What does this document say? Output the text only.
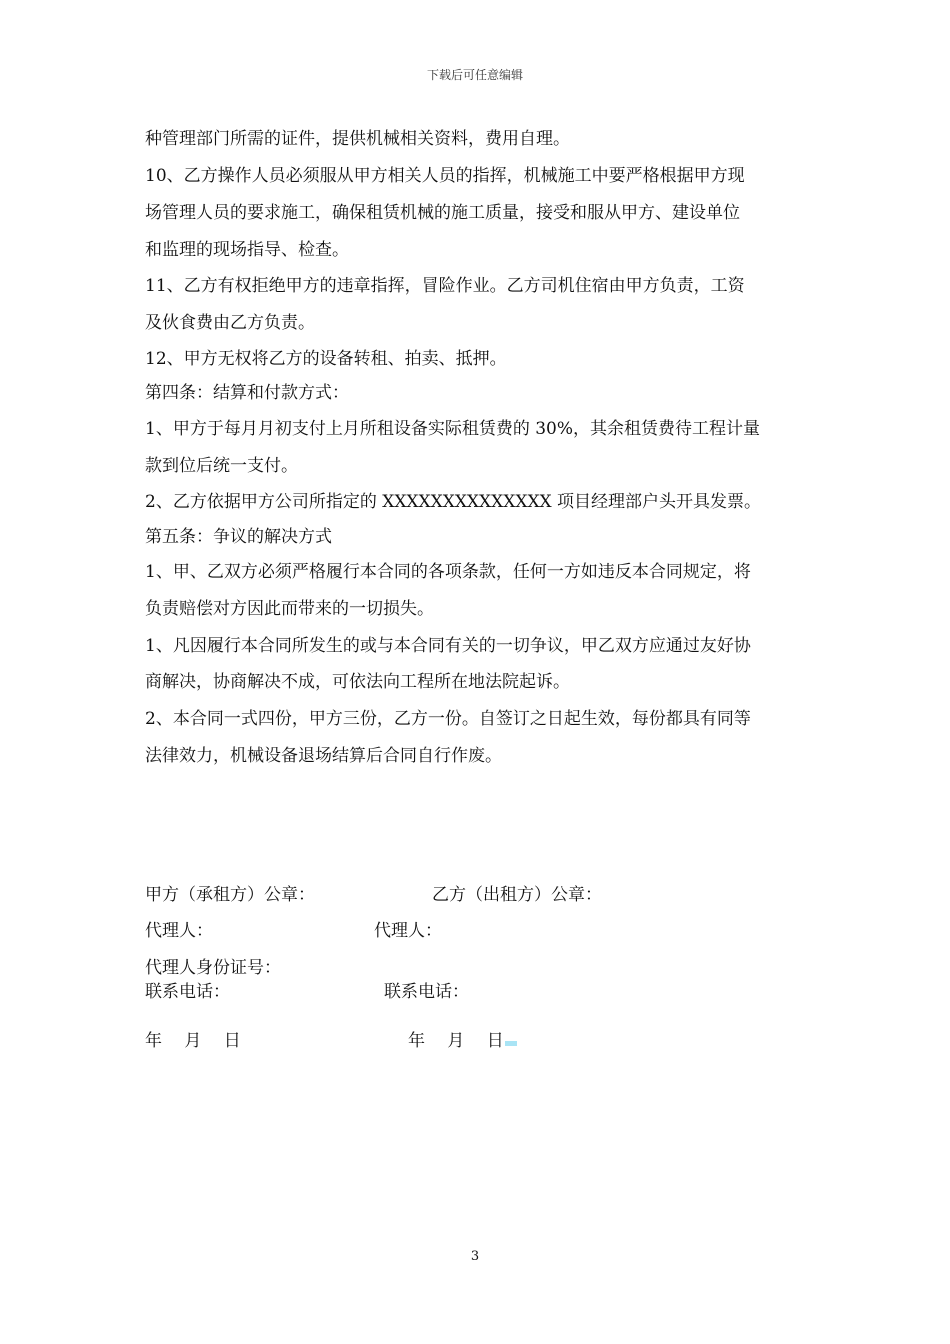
下载后可任意编辑
种管理部门所需的证件，提供机械相关资料，费用自理。
10、乙方操作人员必须服从甲方相关人员的指挥，机械施工中要严格根据甲方现
场管理人员的要求施工，确保租赁机械的施工质量，接受和服从甲方、建设单位
和监理的现场指导、检查。
11、乙方有权拒绝甲方的违章指挥，冒险作业。乙方司机住宿由甲方负责，工资
及伙食费由乙方负责。
12、甲方无权将乙方的设备转租、拍卖、抵押。
第四条：结算和付款方式：
1、甲方于每月月初支付上月所租设备实际租赁费的 30%，其余租赁费待工程计量
款到位后统一支付。
2、乙方依据甲方公司所指定的 XXXXXXXXXXXXXX 项目经理部户头开具发票。
第五条：争议的解决方式
1、甲、乙双方必须严格履行本合同的各项条款，任何一方如违反本合同规定，将
负责赔偿对方因此而带来的一切损失。
1、凡因履行本合同所发生的或与本合同有关的一切争议，甲乙双方应通过友好协
商解决，协商解决不成，可依法向工程所在地法院起诉。
2、本合同一式四份，甲方三份，乙方一份。自签订之日起生效，每份都具有同等
法律效力，机械设备退场结算后合同自行作废。
甲方（承租方）公章：	乙方（出租方）公章：
代理人：	代理人：
代理人身份证号：
联系电话：	联系电话：
年　 月　 日	年　 月　 日
3
